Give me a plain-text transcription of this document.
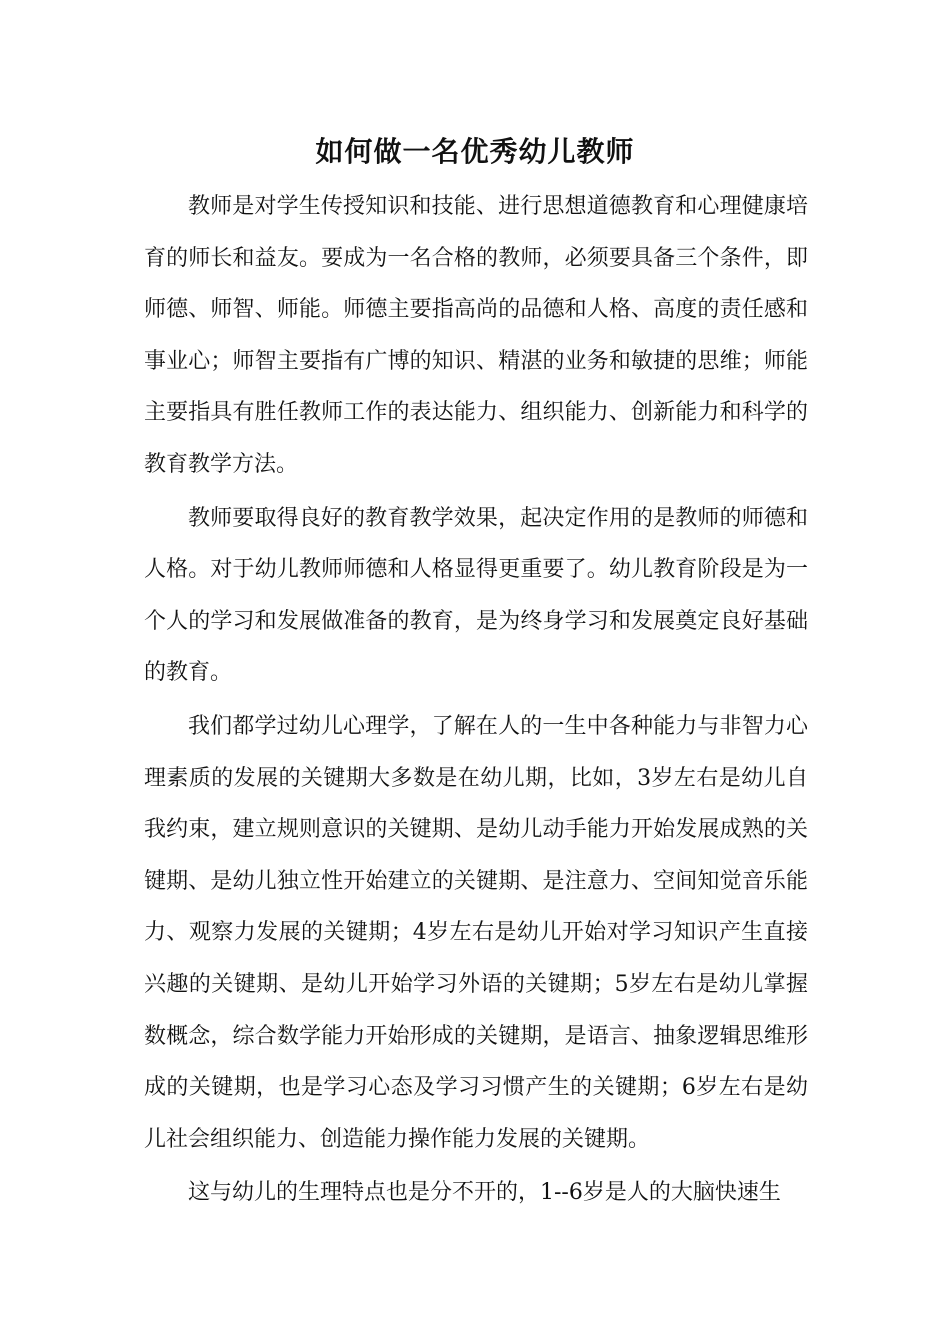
如何做一名优秀幼儿教师

教师是对学生传授知识和技能、进行思想道德教育和心理健康培育的师长和益友。要成为一名合格的教师，必须要具备三个条件，即师德、师智、师能。师德主要指高尚的品德和人格、高度的责任感和事业心；师智主要指有广博的知识、精湛的业务和敏捷的思维；师能主要指具有胜任教师工作的表达能力、组织能力、创新能力和科学的教育教学方法。

教师要取得良好的教育教学效果，起决定作用的是教师的师德和人格。对于幼儿教师师德和人格显得更重要了。幼儿教育阶段是为一个人的学习和发展做准备的教育，是为终身学习和发展奠定良好基础的教育。

我们都学过幼儿心理学，了解在人的一生中各种能力与非智力心理素质的发展的关键期大多数是在幼儿期，比如，3岁左右是幼儿自我约束，建立规则意识的关键期、是幼儿动手能力开始发展成熟的关键期、是幼儿独立性开始建立的关键期、是注意力、空间知觉音乐能力、观察力发展的关键期；4岁左右是幼儿开始对学习知识产生直接兴趣的关键期、是幼儿开始学习外语的关键期；5岁左右是幼儿掌握数概念，综合数学能力开始形成的关键期，是语言、抽象逻辑思维形成的关键期，也是学习心态及学习习惯产生的关键期；6岁左右是幼儿社会组织能力、创造能力操作能力发展的关键期。

这与幼儿的生理特点也是分不开的，1--6岁是人的大脑快速生
